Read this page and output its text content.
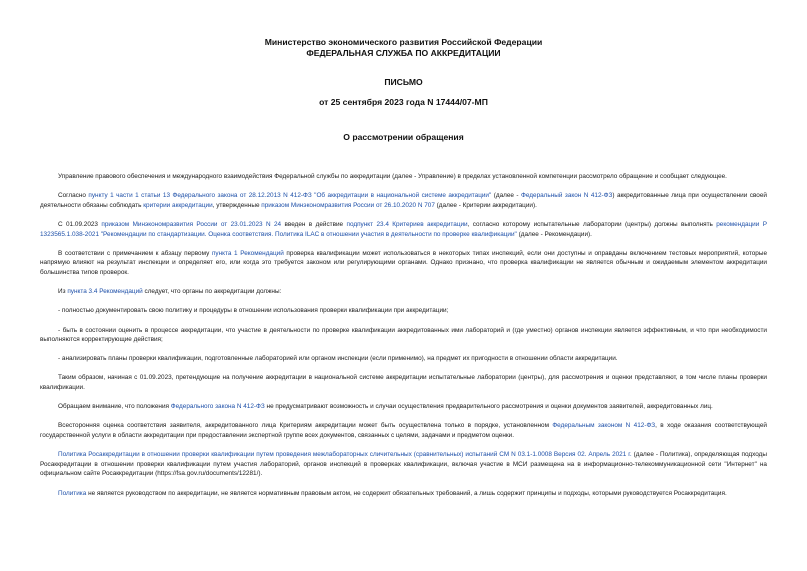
Министерство экономического развития Российской Федерации
ФЕДЕРАЛЬНАЯ СЛУЖБА ПО АККРЕДИТАЦИИ
ПИСЬМО
от 25 сентября 2023 года N 17444/07-МП
О рассмотрении обращения

Управление правового обеспечения и международного взаимодействия Федеральной службы по аккредитации (далее - Управление) в пределах установленной компетенции рассмотрело обращение и сообщает следующее.

Согласно пункту 1 части 1 статьи 13 Федерального закона от 28.12.2013 N 412-ФЗ "Об аккредитации в национальной системе аккредитации" (далее - Федеральный закон N 412-ФЗ) аккредитованные лица при осуществлении своей деятельности обязаны соблюдать критерии аккредитации, утвержденные приказом Минэкономразвития России от 26.10.2020 N 707 (далее - Критерии аккредитации).

С 01.09.2023 приказом Минэкономразвития России от 23.01.2023 N 24 введен в действие подпункт 23.4 Критериев аккредитации, согласно которому испытательные лаборатории (центры) должны выполнять рекомендации Р 1323565.1.038-2021 "Рекомендации по стандартизации. Оценка соответствия. Политика ILAC в отношении участия в деятельности по проверке квалификации" (далее - Рекомендации).

В соответствии с примечанием к абзацу первому пункта 1 Рекомендаций проверка квалификации может использоваться в некоторых типах инспекций, если они доступны и оправданы включением тестовых мероприятий, которые напрямую влияют на результат инспекции и определяет его, или когда это требуется законом или регулирующими органами. Однако признано, что проверка квалификации не является обычным и ожидаемым элементом аккредитации большинства типов проверок.

Из пункта 3.4 Рекомендаций следует, что органы по аккредитации должны:

- полностью документировать свою политику и процедуры в отношении использования проверки квалификации при аккредитации;

- быть в состоянии оценить в процессе аккредитации, что участие в деятельности по проверке квалификации аккредитованных ими лабораторий и (где уместно) органов инспекции является эффективным, и что при необходимости выполняются корректирующие действия;

- анализировать планы проверки квалификации, подготовленные лабораторией или органом инспекции (если применимо), на предмет их пригодности в отношении области аккредитации.

Таким образом, начиная с 01.09.2023, претендующие на получение аккредитации в национальной системе аккредитации испытательные лаборатории (центры), для рассмотрения и оценки представляют, в том числе планы проверки квалификации.

Обращаем внимание, что положения Федерального закона N 412-ФЗ не предусматривают возможность и случаи осуществления предварительного рассмотрения и оценки документов заявителей, аккредитованных лиц.

Всесторонняя оценка соответствия заявителя, аккредитованного лица Критериям аккредитации может быть осуществлена только в порядке, установленном Федеральным законом N 412-ФЗ, в ходе оказания соответствующей государственной услуги в области аккредитации при предоставлении экспертной группе всех документов, связанных с целями, задачами и предметом оценки.

Политика Росаккредитации в отношении проверки квалификации путем проведения межлабораторных сличительных (сравнительных) испытаний СМ N 03.1-1.0008 Версия 02. Апрель 2021 г. (далее - Политика), определяющая подходы Росаккредитации в отношении проверки квалификации путем участия лабораторий, органов инспекций в проверках квалификации, включая участие в МСИ размещена на в информационно-телекоммуникационной сети "Интернет" на официальном сайте Росаккредитации (https://fsa.gov.ru/documents/12281/).

Политика не является руководством по аккредитации, не является нормативным правовым актом, не содержит обязательных требований, а лишь содержит принципы и подходы, которыми руководствуется Росаккредитация.
